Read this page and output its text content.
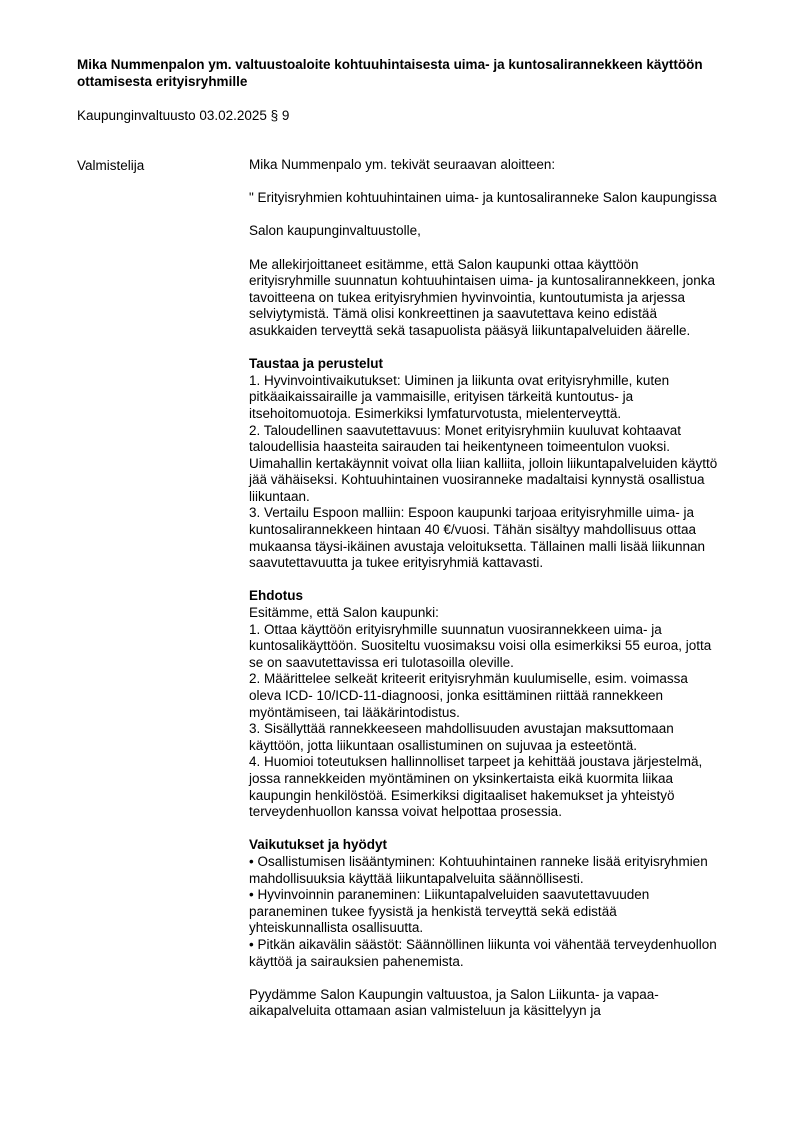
Mika Nummenpalon ym. valtuustoaloite kohtuuhintaisesta uima- ja kuntosalirannekkeen käyttöön ottamisesta erityisryhmille

Kaupunginvaltuusto 03.02.2025 § 9

Valmistelija	Mika Nummenpalo ym. tekivät seuraavan aloitteen:

" Erityisryhmien kohtuuhintainen uima- ja kuntosaliranneke Salon kaupungissa

Salon kaupunginvaltuustolle,

Me allekirjoittaneet esitämme, että Salon kaupunki ottaa käyttöön erityisryhmille suunnatun kohtuuhintaisen uima- ja kuntosalirannekkeen, jonka tavoitteena on tukea erityisryhmien hyvinvointia, kuntoutumista ja arjessa selviytymistä. Tämä olisi konkreettinen ja saavutettava keino edistää asukkaiden terveyttä sekä tasapuolista pääsyä liikuntapalveluiden äärelle.

Taustaa ja perustelut

1. Hyvinvointivaikutukset: Uiminen ja liikunta ovat erityisryhmille, kuten pitkäaikaissairaille ja vammaisille, erityisen tärkeitä kuntoutus- ja itsehoitomuotoja. Esimerkiksi lymfaturvotusta, mielenterveyttä.

2. Taloudellinen saavutettavuus: Monet erityisryhmiin kuuluvat kohtaavat taloudellisia haasteita sairauden tai heikentyneen toimeentulon vuoksi. Uimahallin kertakäynnit voivat olla liian kalliita, jolloin liikuntapalveluiden käyttö jää vähäiseksi. Kohtuuhintainen vuosiranneke madaltaisi kynnystä osallistua liikuntaan.

3. Vertailu Espoon malliin: Espoon kaupunki tarjoaa erityisryhmille uima- ja kuntosalirannekkeen hintaan 40 €/vuosi. Tähän sisältyy mahdollisuus ottaa mukaansa täysi-ikäinen avustaja veloituksetta. Tällainen malli lisää liikunnan saavutettavuutta ja tukee erityisryhmiä kattavasti.

Ehdotus

Esitämme, että Salon kaupunki:

1. Ottaa käyttöön erityisryhmille suunnatun vuosirannekkeen uima- ja kuntosalikäyttöön. Suositeltu vuosimaksu voisi olla esimerkiksi 55 euroa, jotta se on saavutettavissa eri tulotasoilla oleville.

2. Määrittelee selkeät kriteerit erityisryhmän kuulumiselle, esim. voimassa oleva ICD- 10/ICD-11-diagnoosi, jonka esittäminen riittää rannekkeen myöntämiseen, tai lääkärintodistus.

3. Sisällyttää rannekkeeseen mahdollisuuden avustajan maksuttomaan käyttöön, jotta liikuntaan osallistuminen on sujuvaa ja esteetöntä.

4. Huomioi toteutuksen hallinnolliset tarpeet ja kehittää joustava järjestelmä, jossa rannekkeiden myöntäminen on yksinkertaista eikä kuormita liikaa kaupungin henkilöstöä. Esimerkiksi digitaaliset hakemukset ja yhteistyö terveydenhuollon kanssa voivat helpottaa prosessia.

Vaikutukset ja hyödyt

• Osallistumisen lisääntyminen: Kohtuuhintainen ranneke lisää erityisryhmien mahdollisuuksia käyttää liikuntapalveluita säännöllisesti.

• Hyvinvoinnin paraneminen: Liikuntapalveluiden saavutettavuuden paraneminen tukee fyysistä ja henkistä terveyttä sekä edistää yhteiskunnallista osallisuutta.

• Pitkän aikavälin säästöt: Säännöllinen liikunta voi vähentää terveydenhuollon käyttöä ja sairauksien pahenemista.

Pyydämme Salon Kaupungin valtuustoa, ja Salon Liikunta- ja vapaa-aikapalveluita ottamaan asian valmisteluun ja käsittelyyn ja
